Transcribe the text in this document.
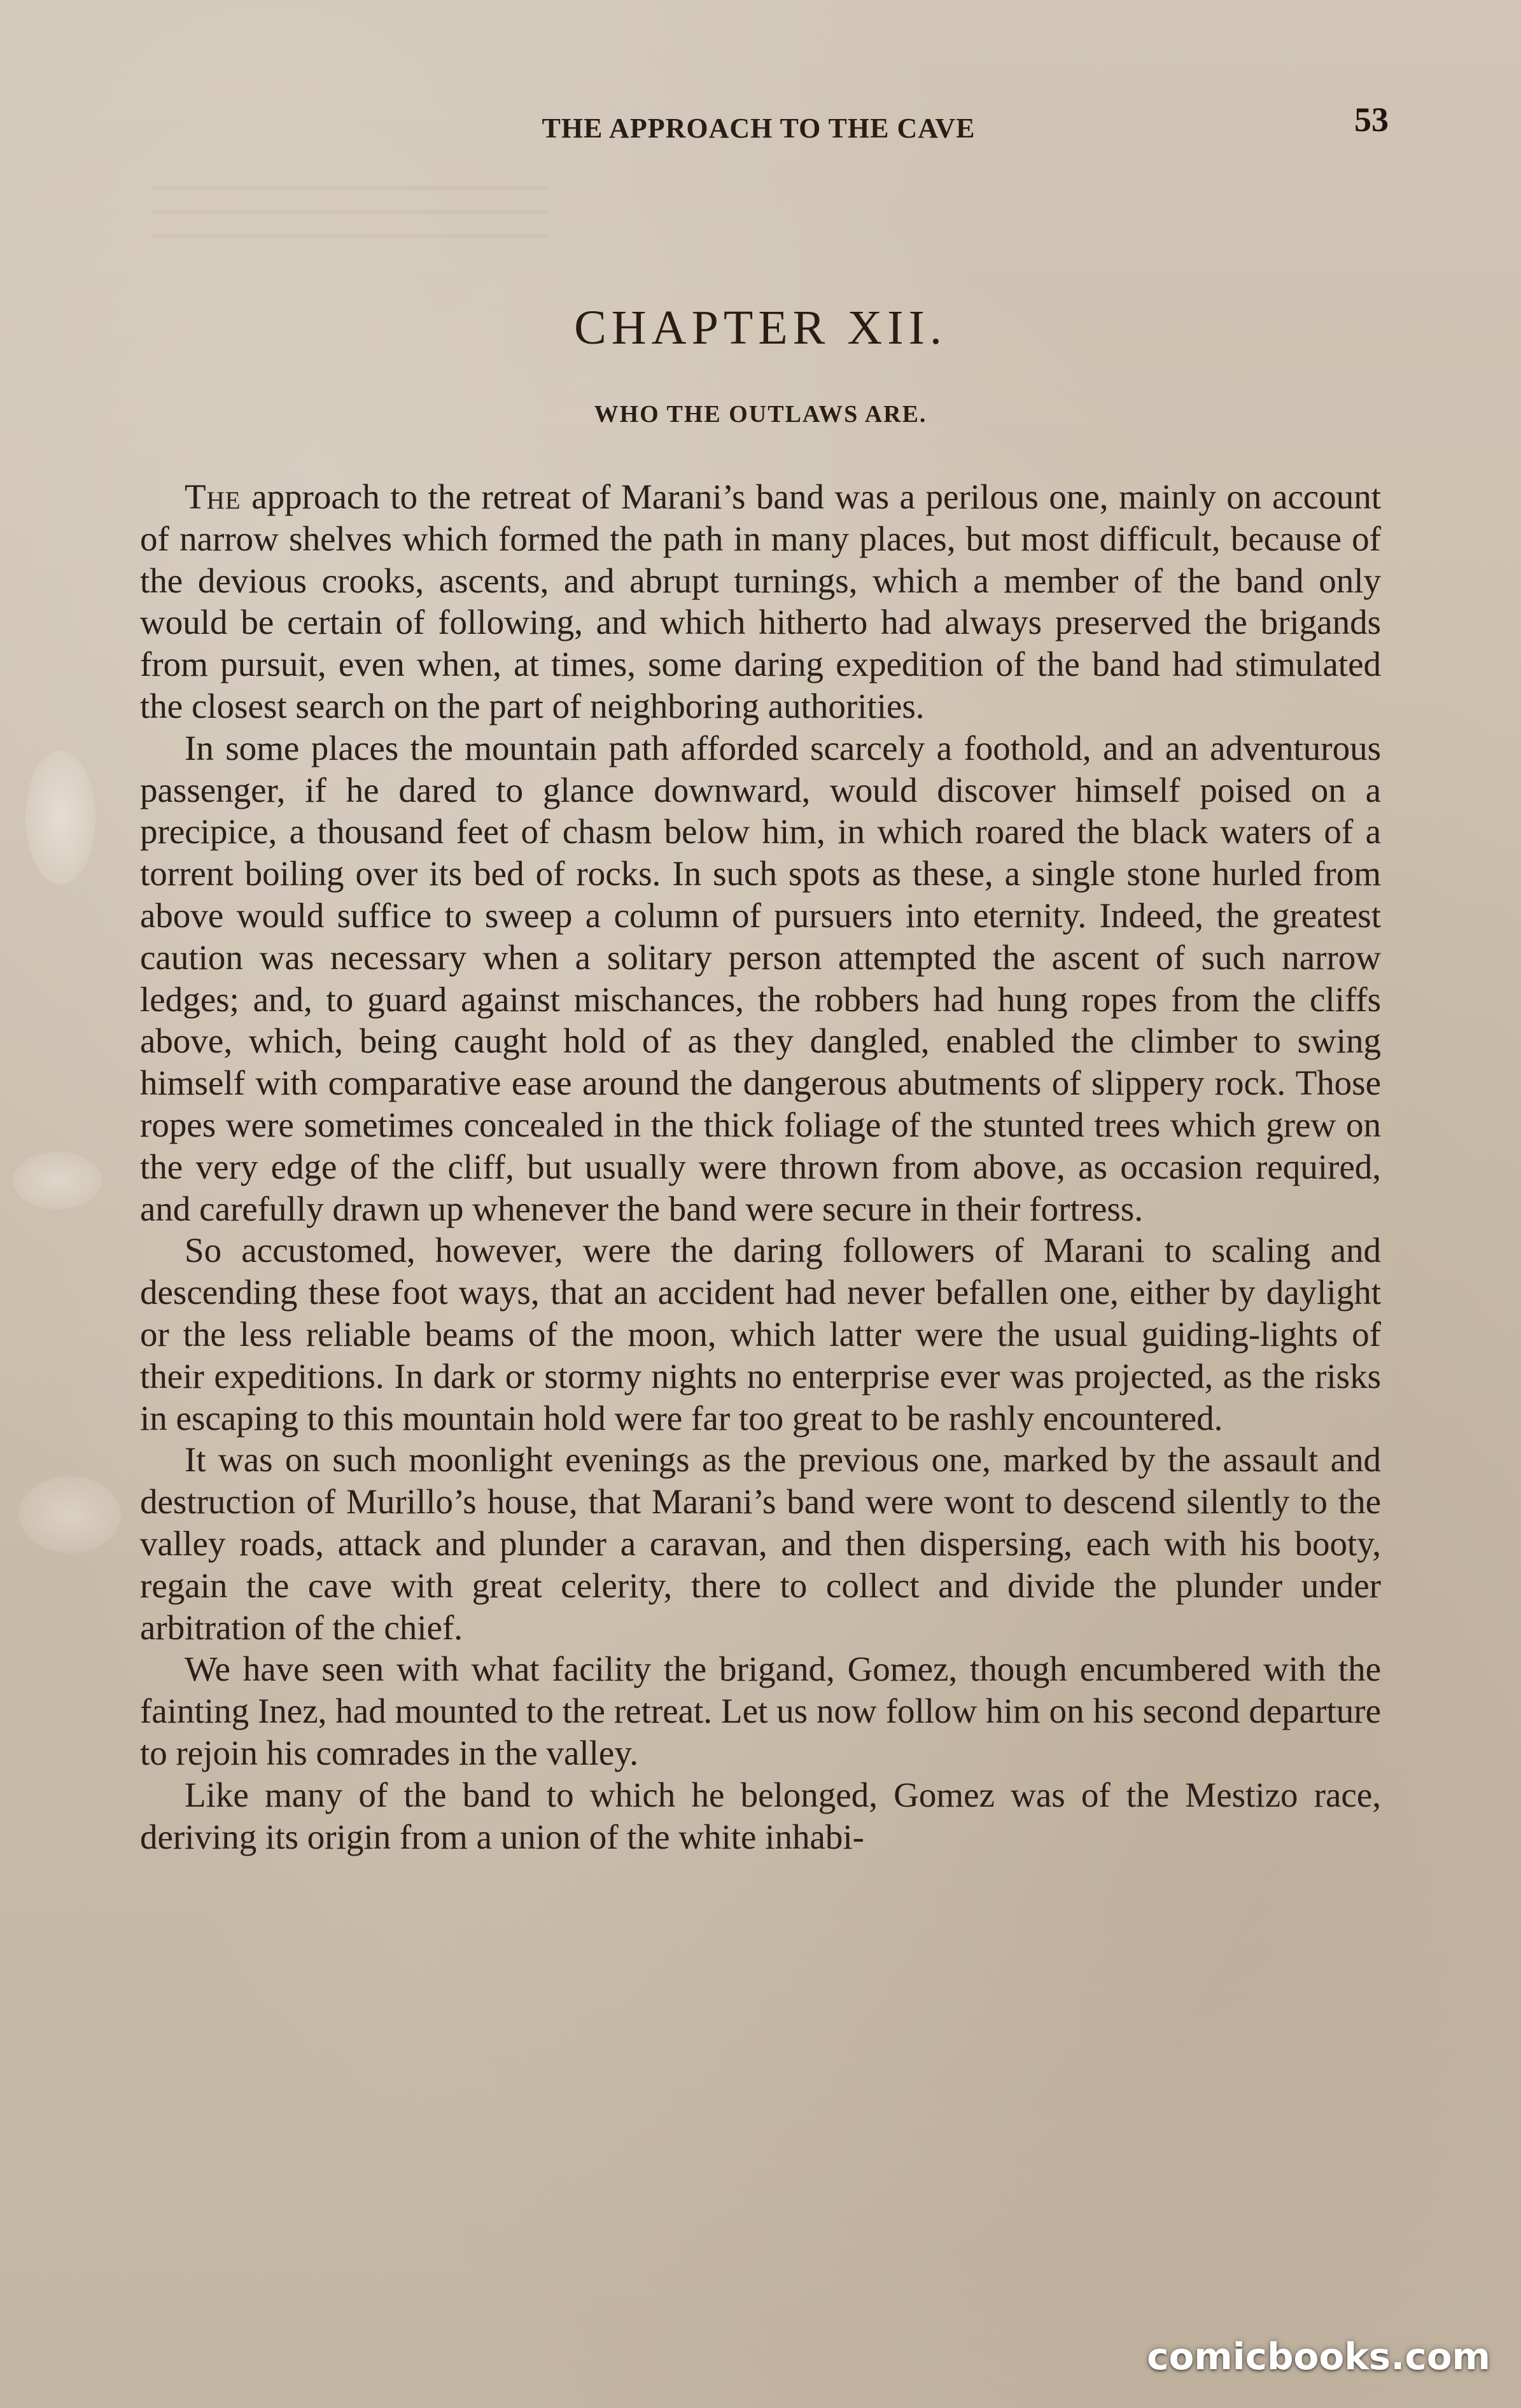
THE APPROACH TO THE CAVE	53
CHAPTER XII.
WHO THE OUTLAWS ARE.

The approach to the retreat of Marani’s band was a perilous one, mainly on account of narrow shelves which formed the path in many places, but most difficult, because of the devious crooks, ascents, and abrupt turnings, which a member of the band only would be certain of following, and which hitherto had always preserved the brigands from pursuit, even when, at times, some daring expedition of the band had stimulated the closest search on the part of neighboring authorities.

In some places the mountain path afforded scarcely a foothold, and an adventurous passenger, if he dared to glance downward, would discover himself poised on a precipice, a thousand feet of chasm below him, in which roared the black waters of a torrent boiling over its bed of rocks. In such spots as these, a single stone hurled from above would suffice to sweep a column of pursuers into eternity. Indeed, the greatest caution was necessary when a solitary person attempted the ascent of such narrow ledges; and, to guard against mischances, the robbers had hung ropes from the cliffs above, which, being caught hold of as they dangled, enabled the climber to swing himself with comparative ease around the dangerous abutments of slippery rock. Those ropes were sometimes concealed in the thick foliage of the stunted trees which grew on the very edge of the cliff, but usually were thrown from above, as occasion required, and carefully drawn up whenever the band were secure in their fortress.

So accustomed, however, were the daring followers of Marani to scaling and descending these foot ways, that an accident had never befallen one, either by daylight or the less reliable beams of the moon, which latter were the usual guiding-lights of their expeditions. In dark or stormy nights no enterprise ever was projected, as the risks in escaping to this mountain hold were far too great to be rashly encountered.

It was on such moonlight evenings as the previous one, marked by the assault and destruction of Murillo’s house, that Marani’s band were wont to descend silently to the valley roads, attack and plunder a caravan, and then dispersing, each with his booty, regain the cave with great celerity, there to collect and divide the plunder under arbitration of the chief.

We have seen with what facility the brigand, Gomez, though encumbered with the fainting Inez, had mounted to the retreat. Let us now follow him on his second departure to rejoin his comrades in the valley.

Like many of the band to which he belonged, Gomez was of the Mestizo race, deriving its origin from a union of the white inhabi-

comicbooks.com
